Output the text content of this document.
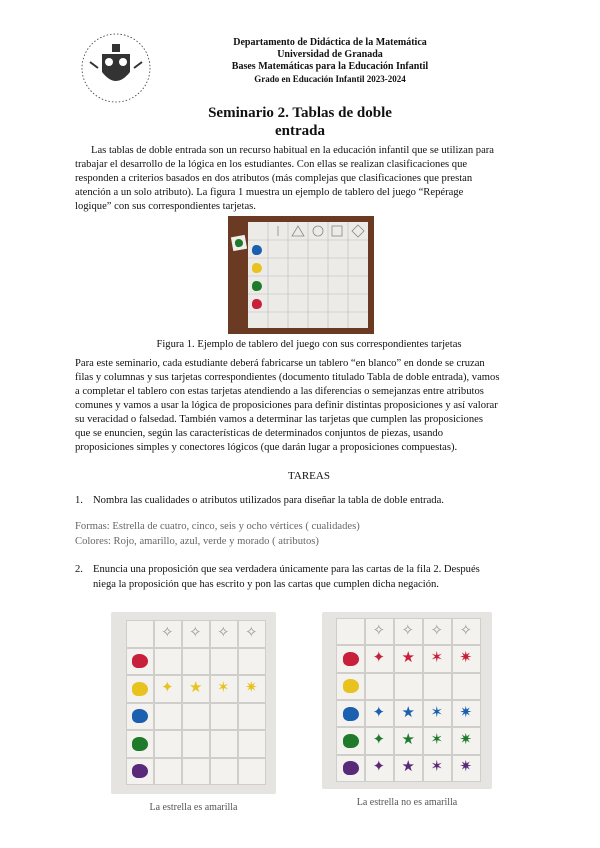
Departamento de Didáctica de la Matemática
Universidad de Granada
Bases Matemáticas para la Educación Infantil
Grado en Educación Infantil 2023-2024
Seminario 2. Tablas de doble
entrada
Las tablas de doble entrada son un recurso habitual en la educación infantil que se utilizan para
trabajar el desarrollo de la lógica en los estudiantes. Con ellas se realizan clasificaciones que
responden a criterios basados en dos atributos (más complejas que clasificaciones que prestan
atención a un solo atributo). La figura 1 muestra un ejemplo de tablero del juego “Repérage
logique” con sus correspondientes tarjetas.
Figura 1. Ejemplo de tablero del juego con sus correspondientes tarjetas
Para este seminario, cada estudiante deberá fabricarse un tablero “en blanco” en donde se cruzan
filas y columnas y sus tarjetas correspondientes (documento titulado Tabla de doble entrada), vamos
a completar el tablero con estas tarjetas atendiendo a las diferencias o semejanzas entre atributos
comunes y vamos a usar la lógica de proposiciones para definir distintas proposiciones y así valorar
su veracidad o falsedad. También vamos a determinar las tarjetas que cumplen las proposiciones
que se enuncien, según las características de determinados conjuntos de piezas, usando
proposiciones simples y conectores lógicos (que darán lugar a proposiciones compuestas).
TAREAS
1. Nombra las cualidades o atributos utilizados para diseñar la tabla de doble entrada.
Formas: Estrella de cuatro, cinco, seis y ocho vértices ( cualidades)
Colores: Rojo, amarillo, azul, verde y morado ( atributos)
2. Enuncia una proposición que sea verdadera únicamente para las cartas de la fila 2. Después
niega la proposición que has escrito y pon las cartas que cumplen dicha negación.
✧ ✧ ✧ ✧
✦ ★ ✶ ✷
La estrella es amarilla
✧ ✧ ✧ ✧
✦ ★ ✶ ✷
✦ ★ ✶ ✷
✦ ★ ✶ ✷
✦ ★ ✶ ✷
La estrella no es amarilla
